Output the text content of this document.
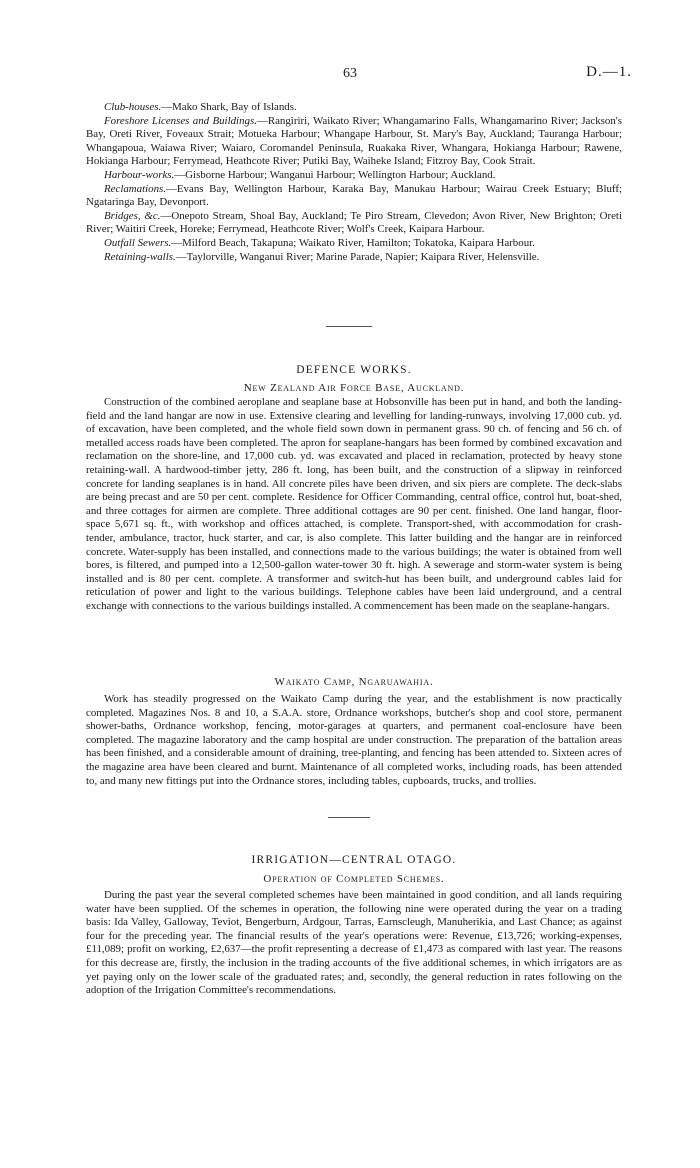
63	D.—1.

Club-houses.—Mako Shark, Bay of Islands.

Foreshore Licenses and Buildings.—Rangiriri, Waikato River; Whangamarino Falls, Whangamarino River; Jackson's Bay, Oreti River, Foveaux Strait; Motueka Harbour; Whangape Harbour, St. Mary's Bay, Auckland; Tauranga Harbour; Whangapoua, Waiawa River; Waiaro, Coromandel Peninsula, Ruakaka River, Whangara, Hokianga Harbour; Rawene, Hokianga Harbour; Ferrymead, Heathcote River; Putiki Bay, Waiheke Island; Fitzroy Bay, Cook Strait.

Harbour-works.—Gisborne Harbour; Wanganui Harbour; Wellington Harbour; Auckland.

Reclamations.—Evans Bay, Wellington Harbour, Karaka Bay, Manukau Harbour; Wairau Creek Estuary; Bluff; Ngataringa Bay, Devonport.

Bridges, &c.—Onepoto Stream, Shoal Bay, Auckland; Te Piro Stream, Clevedon; Avon River, New Brighton; Oreti River; Waitiri Creek, Horeke; Ferrymead, Heathcote River; Wolf's Creek, Kaipara Harbour.

Outfall Sewers.—Milford Beach, Takapuna; Waikato River, Hamilton; Tokatoka, Kaipara Harbour.

Retaining-walls.—Taylorville, Wanganui River; Marine Parade, Napier; Kaipara River, Helensville.

DEFENCE WORKS.
New Zealand Air Force Base, Auckland.

Construction of the combined aeroplane and seaplane base at Hobsonville has been put in hand, and both the landing-field and the land hangar are now in use. Extensive clearing and levelling for landing-runways, involving 17,000 cub. yd. of excavation, have been completed, and the whole field sown down in permanent grass. 90 ch. of fencing and 56 ch. of metalled access roads have been completed. The apron for seaplane-hangars has been formed by combined excavation and reclamation on the shore-line, and 17,000 cub. yd. was excavated and placed in reclamation, protected by heavy stone retaining-wall. A hardwood-timber jetty, 286 ft. long, has been built, and the construction of a slipway in reinforced concrete for landing seaplanes is in hand. All concrete piles have been driven, and six piers are complete. The deck-slabs are being precast and are 50 per cent. complete. Residence for Officer Commanding, central office, control hut, boat-shed, and three cottages for airmen are complete. Three additional cottages are 90 per cent. finished. One land hangar, floor-space 5,671 sq. ft., with workshop and offices attached, is complete. Transport-shed, with accommodation for crash-tender, ambulance, tractor, huck starter, and car, is also complete. This latter building and the hangar are in reinforced concrete. Water-supply has been installed, and connections made to the various buildings; the water is obtained from well bores, is filtered, and pumped into a 12,500-gallon water-tower 30 ft. high. A sewerage and storm-water system is being installed and is 80 per cent. complete. A transformer and switch-hut has been built, and underground cables laid for reticulation of power and light to the various buildings. Telephone cables have been laid underground, and a central exchange with connections to the various buildings installed. A commencement has been made on the seaplane-hangars.

Waikato Camp, Ngaruawahia.

Work has steadily progressed on the Waikato Camp during the year, and the establishment is now practically completed. Magazines Nos. 8 and 10, a S.A.A. store, Ordnance workshops, butcher's shop and cool store, permanent shower-baths, Ordnance workshop, fencing, motor-garages at quarters, and permanent coal-enclosure have been completed. The magazine laboratory and the camp hospital are under construction. The preparation of the battalion areas has been finished, and a considerable amount of draining, tree-planting, and fencing has been attended to. Sixteen acres of the magazine area have been cleared and burnt. Maintenance of all completed works, including roads, has been attended to, and many new fittings put into the Ordnance stores, including tables, cupboards, trucks, and trollies.

IRRIGATION—CENTRAL OTAGO.
Operation of Completed Schemes.

During the past year the several completed schemes have been maintained in good condition, and all lands requiring water have been supplied. Of the schemes in operation, the following nine were operated during the year on a trading basis: Ida Valley, Galloway, Teviot, Bengerburn, Ardgour, Tarras, Earnscleugh, Manuherikia, and Last Chance; as against four for the preceding year. The financial results of the year's operations were: Revenue, £13,726; working-expenses, £11,089; profit on working, £2,637—the profit representing a decrease of £1,473 as compared with last year. The reasons for this decrease are, firstly, the inclusion in the trading accounts of the five additional schemes, in which irrigators are as yet paying only on the lower scale of the graduated rates; and, secondly, the general reduction in rates following on the adoption of the Irrigation Committee's recommendations.
